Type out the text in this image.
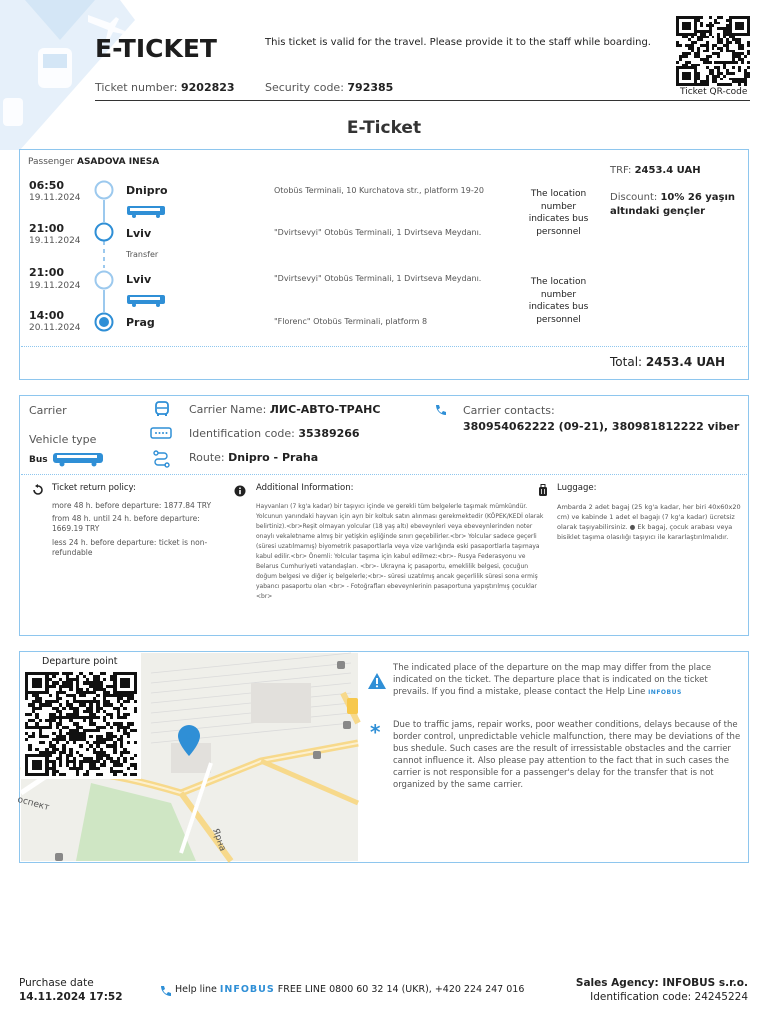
E-TICKET	This ticket is valid for the travel. Please provide it to the staff while boarding.
Ticket number: 9202823	Security code: 792385	Ticket QR-code
E-Ticket
Passenger ASADOVA INESA
06:50
19.11.2024
Dnipro	Otobüs Terminali, 10 Kurchatova str., platform 19-20
21:00
19.11.2024
Lviv	"Dvirtsevyi" Otobüs Terminali, 1 Dvirtseva Meydanı.
Transfer
21:00
19.11.2024	Lviv	"Dvirtsevyi" Otobüs Terminali, 1 Dvirtseva Meydanı.
14:00
20.11.2024	Prag	"Florenc" Otobüs Terminali, platform 8
The location number indicates bus personnel
The location number indicates bus personnel
TRF: 2453.4 UAH
Discount: 10% 26 yaşın altındaki gençler
Total: 2453.4 UAH
Carrier
Vehicle type
Bus
Carrier Name: ЛИС-АВТО-ТРАНС
Identification code: 35389266
Route: Dnipro - Praha
Carrier contacts:
380954062222 (09-21), 380981812222 viber
Ticket return policy:
more 48 h. before departure: 1877.84 TRY
from 48 h. until 24 h. before departure: 1669.19 TRY
less 24 h. before departure: ticket is non-refundable
Additional Information:
Hayvanları (7 kg'a kadar) bir taşıyıcı içinde ve gerekli tüm belgelerle taşımak mümkündür. Yolcunun yanındaki hayvan için ayrı bir koltuk satın alınması gerekmektedir (KÖPEK/KEDİ olarak belirtiniz).<br>Reşit olmayan yolcular (18 yaş altı) ebeveynleri veya ebeveynlerinden noter onaylı vekaletname almış bir yetişkin eşliğinde sınırı geçebilirler.<br> Yolcular sadece geçerli (süresi uzatılmamış) biyometrik pasaportlarla veya vize varlığında eski pasaportlarla taşımaya kabul edilir.<br> Önemli: Yolcular taşıma için kabul edilmez:<br>- Rusya Federasyonu ve Belarus Cumhuriyeti vatandaşları. <br>- Ukrayna iç pasaportu, emeklilik belgesi, çocuğun doğum belgesi ve diğer iç belgelerle;<br>- süresi uzatılmış ancak geçerlilik süresi sona ermiş yabancı pasaportu olan <br> - Fotoğrafları ebeveynlerinin pasaportuna yapıştırılmış çocuklar <br>
Luggage:
Ambarda 2 adet bagaj (25 kg'a kadar, her biri 40x60x20 cm) ve kabinde 1 adet el bagajı (7 kg'a kadar) ücretsiz olarak taşıyabilirsiniz. ● Ek bagaj, çocuk arabası veya bisiklet taşıma olasılığı taşıyıcı ile kararlaştırılmalıdır.
оспект
Ярна
Departure point
The indicated place of the departure on the map may differ from the place indicated on the ticket. The departure place that is indicated on the ticket prevails. If you find a mistake, please contact the Help Line INFOBUS
* Due to traffic jams, repair works, poor weather conditions, delays because of the border control, unpredictable vehicle malfunction, there may be deviations of the bus shedule. Such cases are the result of irressistable obstacles and the carrier cannot influence it. Also please pay attention to the fact that in such cases the carrier is not responsible for a passenger's delay for the transfer that is not organized by the same carrier.
Purchase date
14.11.2024 17:52
Help line INFOBUS FREE LINE 0800 60 32 14 (UKR), +420 224 247 016
Sales Agency: INFOBUS s.r.o.
Identification code: 24245224
